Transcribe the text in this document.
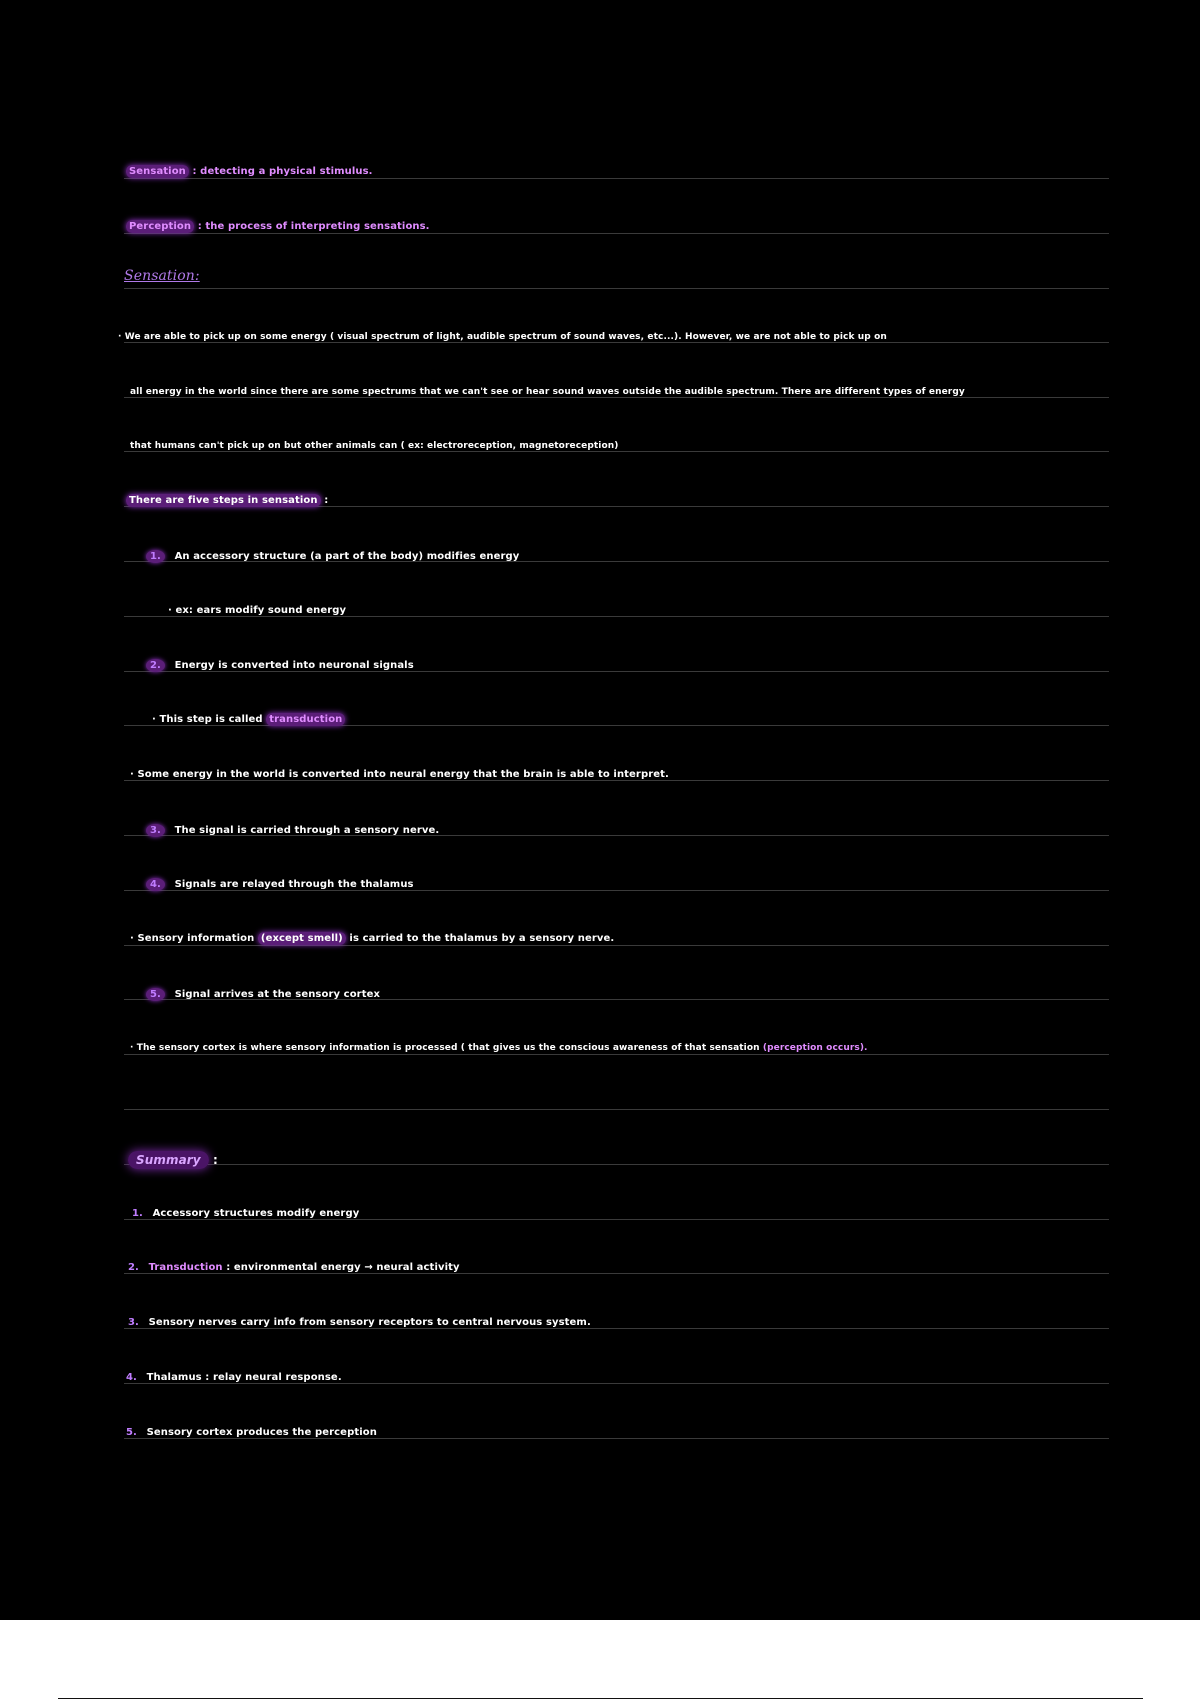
Sensation : detecting a physical stimulus.
Perception : the process of interpreting sensations.
Sensation:
· We are able to pick up on some energy ( visual spectrum of light, audible spectrum of sound waves, etc...). However, we are not able to pick up on
all energy in the world since there are some spectrums that we can't see or hear sound waves outside the audible spectrum. There are different types of energy
that humans can't pick up on but other animals can ( ex: electroreception, magnetoreception)
There are five steps in sensation :
1. An accessory structure (a part of the body) modifies energy
· ex: ears modify sound energy
2. Energy is converted into neuronal signals
· This step is called transduction
· Some energy in the world is converted into neural energy that the brain is able to interpret.
3. The signal is carried through a sensory nerve.
4. Signals are relayed through the thalamus
· Sensory information (except smell) is carried to the thalamus by a sensory nerve.
5. Signal arrives at the sensory cortex
· The sensory cortex is where sensory information is processed ( that gives us the conscious awareness of that sensation (perception occurs).
Summary :
1. Accessory structures modify energy
2. Transduction : environmental energy → neural activity
3. Sensory nerves carry info from sensory receptors to central nervous system.
4. Thalamus : relay neural response.
5. Sensory cortex produces the perception
